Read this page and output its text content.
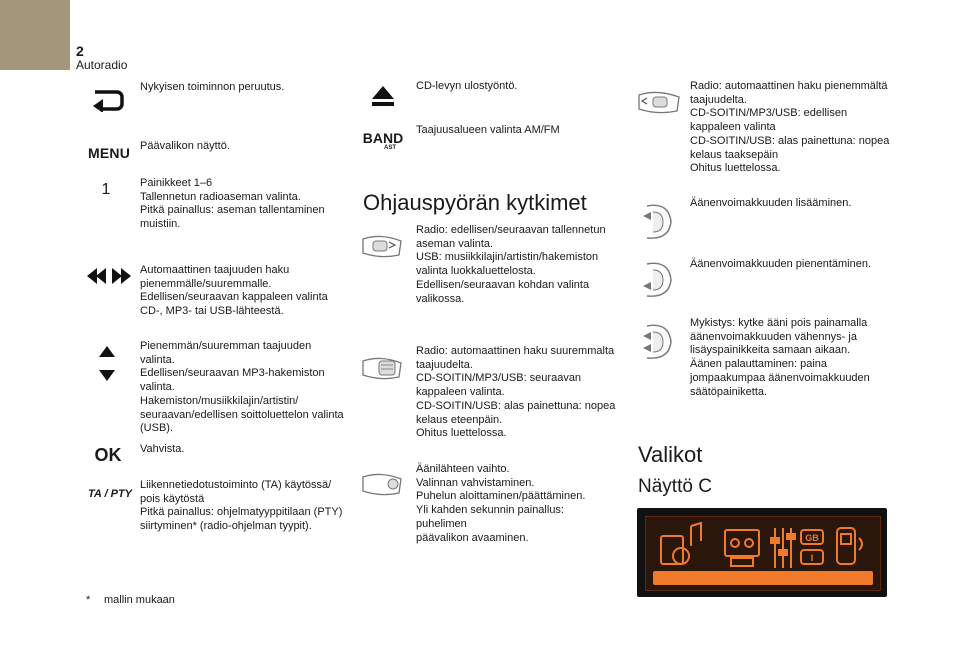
2
Autoradio
Nykyisen toiminnon peruutus.
MENU Päävalikon näyttö.
1	Painikkeet 1–6
Tallennetun radioaseman valinta.
Pitkä painallus: aseman tallentaminen
muistiin.
Automaattinen taajuuden haku
pienemmälle/suuremmalle.
Edellisen/seuraavan kappaleen valinta
CD-, MP3- tai USB-lähteestä.
Pienemmän/suuremman taajuuden valinta.
Edellisen/seuraavan MP3-hakemiston
valinta.
Hakemiston/musiikkilajin/artistin/
seuraavan/edellisen soittoluettelon valinta
(USB).
OK	Vahvista.
TA / PTY
Liikennetiedotustoiminto (TA) käytössä/
pois käytöstä
Pitkä painallus: ohjelmatyyppitilaan (PTY)
siirtyminen* (radio-ohjelman tyypit).
* mallin mukaan
CD-levyn ulostyöntö.
BAND
AST
Taajuusalueen valinta AM/FM
Ohjauspyörän kytkimet
Radio: edellisen/seuraavan tallennetun
aseman valinta.
USB: musiikkilajin/artistin/hakemiston
valinta luokkaluettelosta.
Edellisen/seuraavan kohdan valinta
valikossa.
Radio: automaattinen haku suuremmalta
taajuudelta.
CD-SOITIN/MP3/USB: seuraavan
kappaleen valinta.
CD-SOITIN/USB: alas painettuna: nopea
kelaus eteenpäin.
Ohitus luettelossa.
Äänilähteen vaihto.
Valinnan vahvistaminen.
Puhelun aloittaminen/päättäminen.
Yli kahden sekunnin painallus: puhelimen
päävalikon avaaminen.
Radio: automaattinen haku pienemmältä
taajuudelta.
CD-SOITIN/MP3/USB: edellisen
kappaleen valinta
CD-SOITIN/USB: alas painettuna: nopea
kelaus taaksepäin
Ohitus luettelossa.
Äänenvoimakkuuden lisääminen.
Äänenvoimakkuuden pienentäminen.
Mykistys: kytke ääni pois painamalla
äänenvoimakkuuden vähennys- ja
lisäyspainikkeita samaan aikaan.
Äänen palauttaminen: paina
jompaakumpaa äänenvoimakkuuden
säätöpainiketta.
Valikot
Näyttö C
GB
I
